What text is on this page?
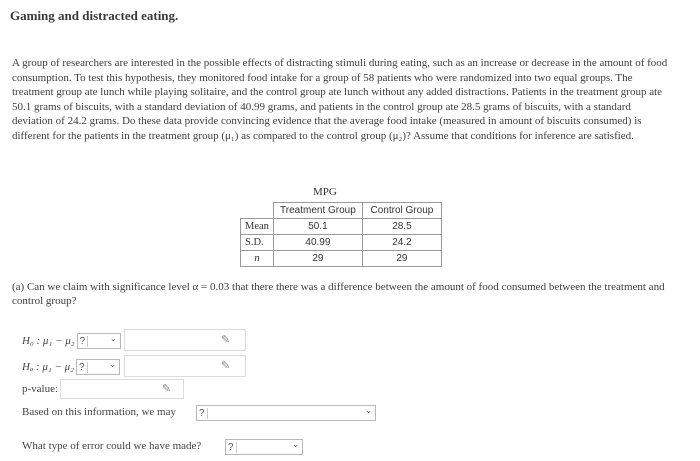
Gaming and distracted eating.
A group of researchers are interested in the possible effects of distracting stimuli during eating, such as an increase or decrease in the amount of food consumption. To test this hypothesis, they monitored food intake for a group of 58 patients who were randomized into two equal groups. The treatment group ate lunch while playing solitaire, and the control group ate lunch without any added distractions. Patients in the treatment group ate 50.1 grams of biscuits, with a standard deviation of 40.99 grams, and patients in the control group ate 28.5 grams of biscuits, with a standard deviation of 24.2 grams. Do these data provide convincing evidence that the average food intake (measured in amount of biscuits consumed) is different for the patients in the treatment group (μ₁) as compared to the control group (μ₂)? Assume that conditions for inference are satisfied.
MPG
	Treatment Group	Control Group
Mean	50.1	28.5
S.D.	40.99	24.2
n	29	29
(a) Can we claim with significance level α = 0.03 that there there was a difference between the amount of food consumed between the treatment and control group?
H₀ : μ₁ − μ₂ ?	⌄	✎
Hₐ : μ₁ − μ₂ ?	⌄	✎
p-value:	✎
Based on this information, we may ?	⌄
What type of error could we have made?	?	⌄
